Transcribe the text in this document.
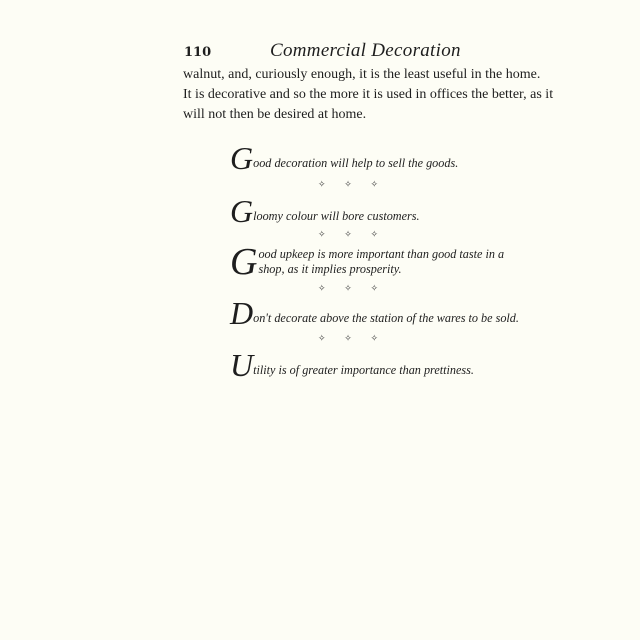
110	Commercial Decoration
walnut, and, curiously enough, it is the least useful in the home.
It is decorative and so the more it is used in offices the better, as it
will not then be desired at home.
Good decoration will help to sell the goods.
✧ ✧ ✧
Gloomy colour will bore customers.
✧ ✧ ✧
G ood upkeep is more important than good taste in a
shop, as it implies prosperity.
✧ ✧ ✧
Don't decorate above the station of the wares to be sold.
✧ ✧ ✧
Utility is of greater importance than prettiness.
